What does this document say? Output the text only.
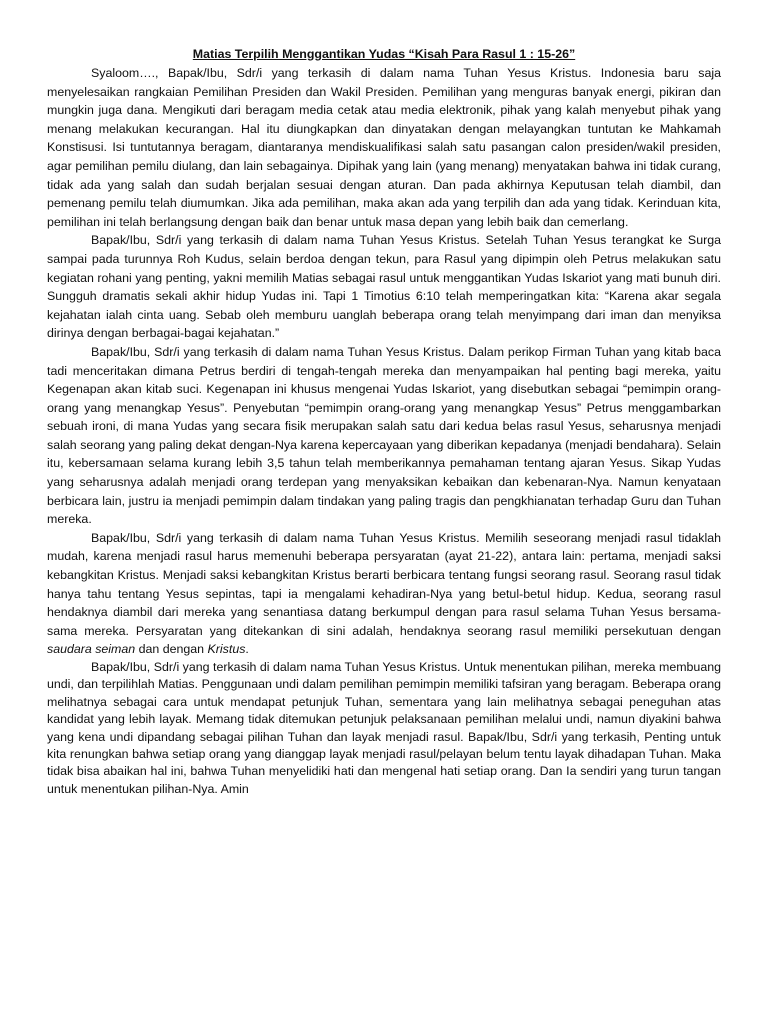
Matias Terpilih Menggantikan Yudas “Kisah Para Rasul 1 : 15-26”

Syaloom…., Bapak/Ibu, Sdr/i yang terkasih di dalam nama Tuhan Yesus Kristus. Indonesia baru saja menyelesaikan rangkaian Pemilihan Presiden dan Wakil Presiden. Pemilihan yang menguras banyak energi, pikiran dan mungkin juga dana. Mengikuti dari beragam media cetak atau media elektronik, pihak yang kalah menyebut pihak yang menang melakukan kecurangan. Hal itu diungkapkan dan dinyatakan dengan melayangkan tuntutan ke Mahkamah Konstisusi. Isi tuntutannya beragam, diantaranya mendiskualifikasi salah satu pasangan calon presiden/wakil presiden, agar pemilihan pemilu diulang, dan lain sebagainya. Dipihak yang lain (yang menang) menyatakan bahwa ini tidak curang, tidak ada yang salah dan sudah berjalan sesuai dengan aturan. Dan pada akhirnya Keputusan telah diambil, dan pemenang pemilu telah diumumkan. Jika ada pemilihan, maka akan ada yang terpilih dan ada yang tidak. Kerinduan kita, pemilihan ini telah berlangsung dengan baik dan benar untuk masa depan yang lebih baik dan cemerlang.

Bapak/Ibu, Sdr/i yang terkasih di dalam nama Tuhan Yesus Kristus. Setelah Tuhan Yesus terangkat ke Surga sampai pada turunnya Roh Kudus, selain berdoa dengan tekun, para Rasul yang dipimpin oleh Petrus melakukan satu kegiatan rohani yang penting, yakni memilih Matias sebagai rasul untuk menggantikan Yudas Iskariot yang mati bunuh diri. Sungguh dramatis sekali akhir hidup Yudas ini. Tapi 1 Timotius 6:10 telah memperingatkan kita: “Karena akar segala kejahatan ialah cinta uang. Sebab oleh memburu uanglah beberapa orang telah menyimpang dari iman dan menyiksa dirinya dengan berbagai-bagai kejahatan.”

Bapak/Ibu, Sdr/i yang terkasih di dalam nama Tuhan Yesus Kristus. Dalam perikop Firman Tuhan yang kitab baca tadi menceritakan dimana Petrus berdiri di tengah-tengah mereka dan menyampaikan hal penting bagi mereka, yaitu Kegenapan akan kitab suci. Kegenapan ini khusus mengenai Yudas Iskariot, yang disebutkan sebagai “pemimpin orang-orang yang menangkap Yesus”. Penyebutan “pemimpin orang-orang yang menangkap Yesus” Petrus menggambarkan sebuah ironi, di mana Yudas yang secara fisik merupakan salah satu dari kedua belas rasul Yesus, seharusnya menjadi salah seorang yang paling dekat dengan-Nya karena kepercayaan yang diberikan kepadanya (menjadi bendahara). Selain itu, kebersamaan selama kurang lebih 3,5 tahun telah memberikannya pemahaman tentang ajaran Yesus. Sikap Yudas yang seharusnya adalah menjadi orang terdepan yang menyaksikan kebaikan dan kebenaran-Nya. Namun kenyataan berbicara lain, justru ia menjadi pemimpin dalam tindakan yang paling tragis dan pengkhianatan terhadap Guru dan Tuhan mereka.

Bapak/Ibu, Sdr/i yang terkasih di dalam nama Tuhan Yesus Kristus. Memilih seseorang menjadi rasul tidaklah mudah, karena menjadi rasul harus memenuhi beberapa persyaratan (ayat 21-22), antara lain: pertama, menjadi saksi kebangkitan Kristus. Menjadi saksi kebangkitan Kristus berarti berbicara tentang fungsi seorang rasul. Seorang rasul tidak hanya tahu tentang Yesus sepintas, tapi ia mengalami kehadiran-Nya yang betul-betul hidup. Kedua, seorang rasul hendaknya diambil dari mereka yang senantiasa datang berkumpul dengan para rasul selama Tuhan Yesus bersama-sama mereka. Persyaratan yang ditekankan di sini adalah, hendaknya seorang rasul memiliki persekutuan dengan saudara seiman dan dengan Kristus.

Bapak/Ibu, Sdr/i yang terkasih di dalam nama Tuhan Yesus Kristus. Untuk menentukan pilihan, mereka membuang undi, dan terpilihlah Matias. Penggunaan undi dalam pemilihan pemimpin memiliki tafsiran yang beragam. Beberapa orang melihatnya sebagai cara untuk mendapat petunjuk Tuhan, sementara yang lain melihatnya sebagai peneguhan atas kandidat yang lebih layak. Memang tidak ditemukan petunjuk pelaksanaan pemilihan melalui undi, namun diyakini bahwa yang kena undi dipandang sebagai pilihan Tuhan dan layak menjadi rasul. Bapak/Ibu, Sdr/i yang terkasih, Penting untuk kita renungkan bahwa setiap orang yang dianggap layak menjadi rasul/pelayan belum tentu layak dihadapan Tuhan. Maka tidak bisa abaikan hal ini, bahwa Tuhan menyelidiki hati dan mengenal hati setiap orang. Dan Ia sendiri yang turun tangan untuk menentukan pilihan-Nya. Amin
